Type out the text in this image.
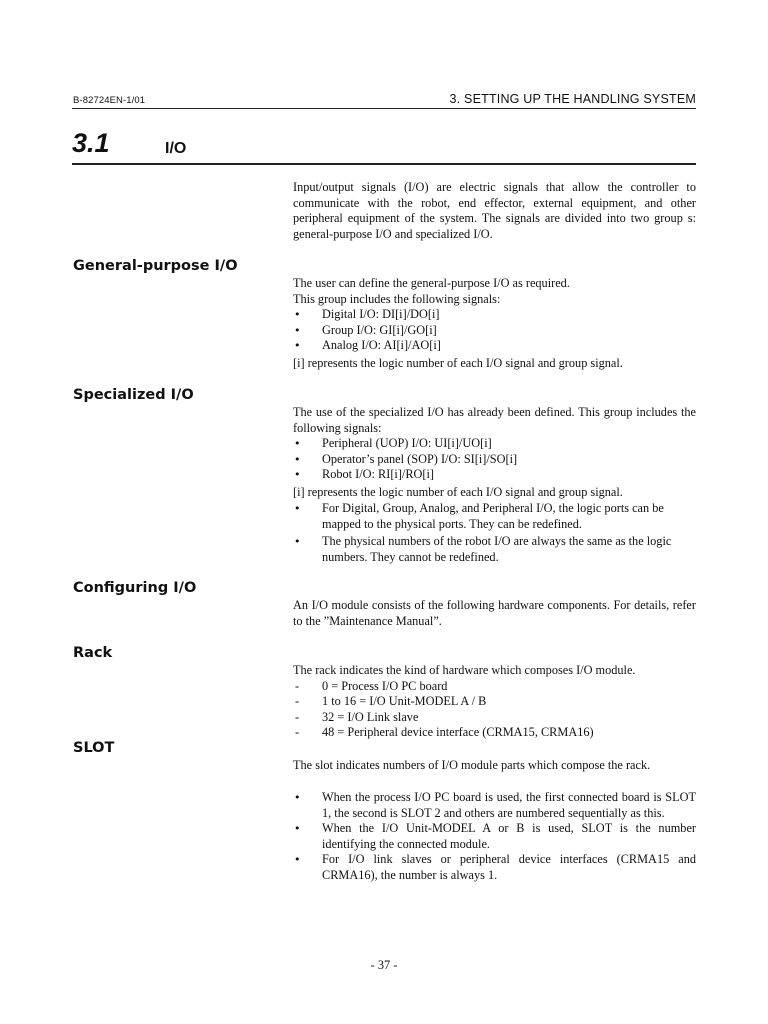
B-82724EN-1/01	3. SETTING UP THE HANDLING SYSTEM
3.1	I/O
Input/output signals (I/O) are electric signals that allow the controller to communicate with the robot, end effector, external equipment, and other peripheral equipment of the system. The signals are divided into two group s: general-purpose I/O and specialized I/O.
General-purpose I/O
The user can define the general-purpose I/O as required.
This group includes the following signals:
• Digital I/O: DI[i]/DO[i]
• Group I/O: GI[i]/GO[i]
• Analog I/O: AI[i]/AO[i]
[i] represents the logic number of each I/O signal and group signal.
Specialized I/O
The use of the specialized I/O has already been defined. This group includes the following signals:
• Peripheral (UOP) I/O: UI[i]/UO[i]
• Operator’s panel (SOP) I/O: SI[i]/SO[i]
• Robot I/O: RI[i]/RO[i]
[i] represents the logic number of each I/O signal and group signal.
• For Digital, Group, Analog, and Peripheral I/O, the logic ports can be mapped to the physical ports. They can be redefined.
• The physical numbers of the robot I/O are always the same as the logic numbers. They cannot be redefined.
Configuring I/O
An I/O module consists of the following hardware components. For details, refer to the ”Maintenance Manual”.
Rack
The rack indicates the kind of hardware which composes I/O module.
- 0 = Process I/O PC board
- 1 to 16 = I/O Unit-MODEL A / B
- 32 = I/O Link slave
- 48 = Peripheral device interface (CRMA15, CRMA16)
SLOT
The slot indicates numbers of I/O module parts which compose the rack.
• When the process I/O PC board is used, the first connected board is SLOT 1, the second is SLOT 2 and others are numbered sequentially as this.
• When the I/O Unit-MODEL A or B is used, SLOT is the number identifying the connected module.
• For I/O link slaves or peripheral device interfaces (CRMA15 and CRMA16), the number is always 1.
- 37 -
